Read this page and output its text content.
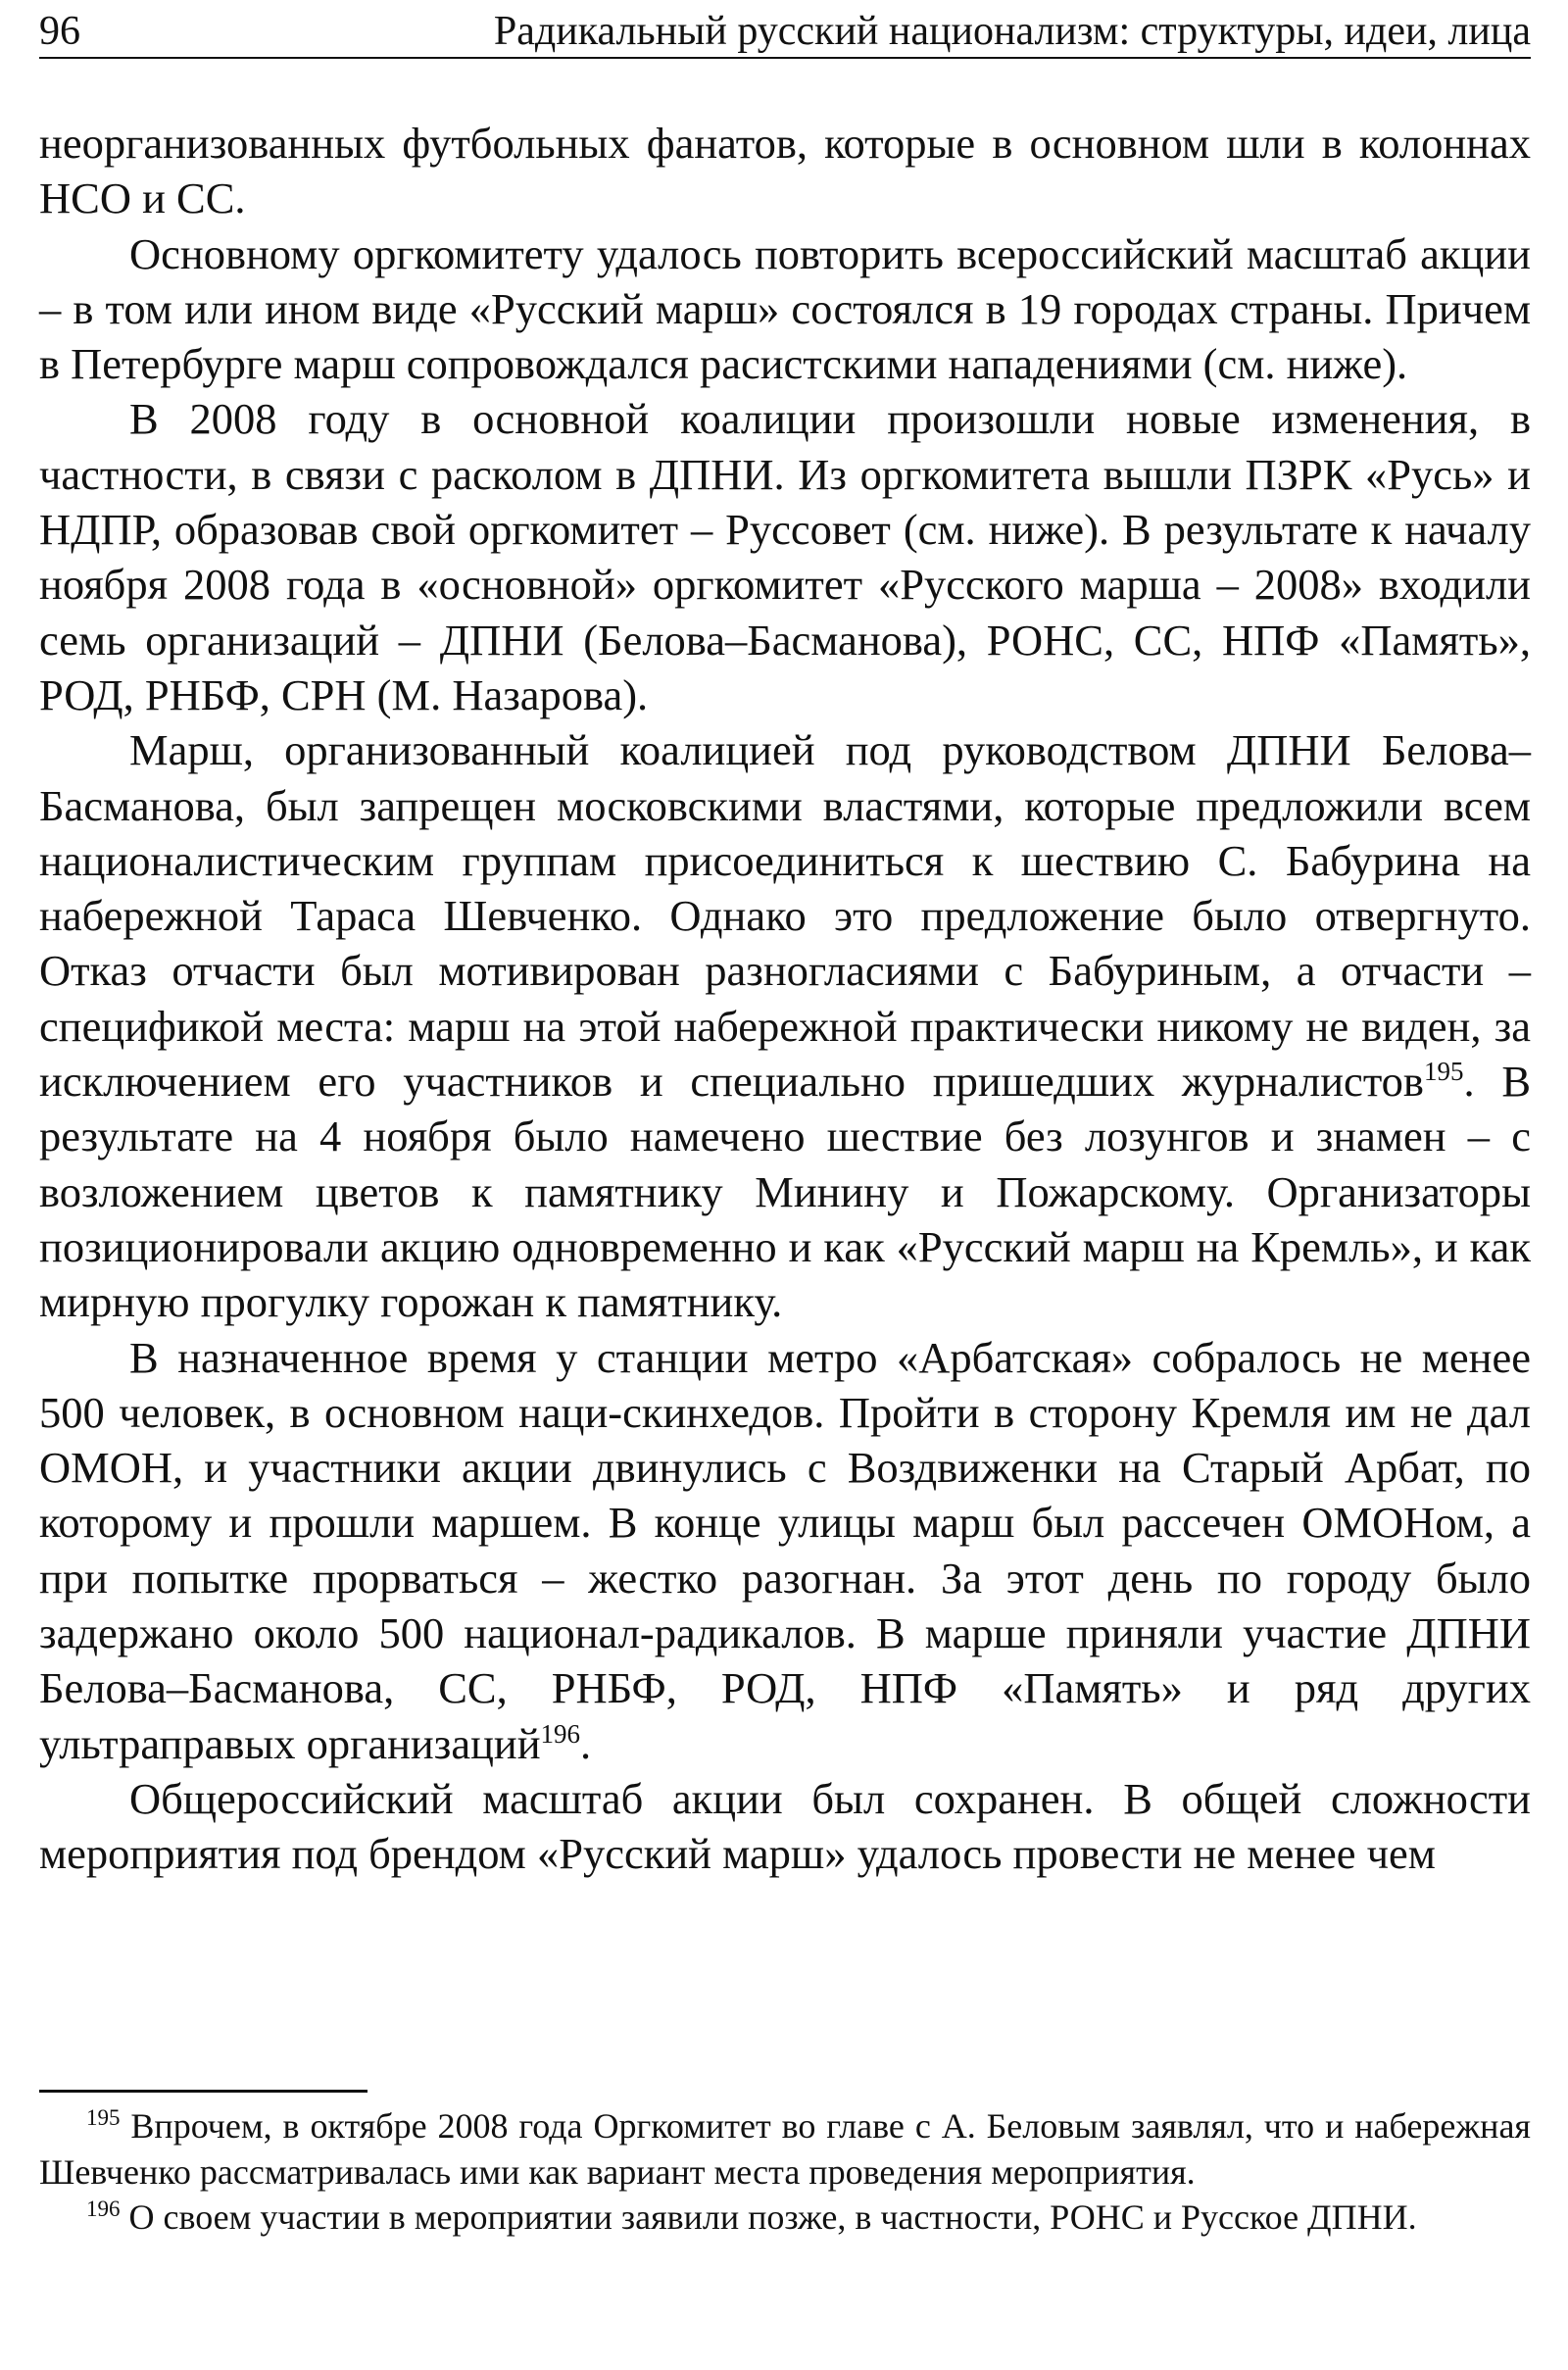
96	Радикальный русский национализм: структуры, идеи, лица

неорганизованных футбольных фанатов, которые в основном шли в колоннах НСО и СС.

Основному оргкомитету удалось повторить всероссийский масштаб акции – в том или ином виде «Русский марш» состоялся в 19 городах страны. Причем в Петербурге марш сопровождался расистскими нападениями (см. ниже).

В 2008 году в основной коалиции произошли новые изменения, в частности, в связи с расколом в ДПНИ. Из оргкомитета вышли ПЗРК «Русь» и НДПР, образовав свой оргкомитет – Руссовет (см. ниже). В результате к началу ноября 2008 года в «основной» оргкомитет «Русского марша – 2008» входили семь организаций – ДПНИ (Белова–Басманова), РОНС, СС, НПФ «Память», РОД, РНБФ, СРН (М. Назарова).

Марш, организованный коалицией под руководством ДПНИ Белова–Басманова, был запрещен московскими властями, которые предложили всем националистическим группам присоединиться к шествию С. Бабурина на набережной Тараса Шевченко. Однако это предложение было отвергнуто. Отказ отчасти был мотивирован разногласиями с Бабуриным, а отчасти – спецификой места: марш на этой набережной практически никому не виден, за исключением его участников и специально пришедших журналистов$^{195}$. В результате на 4 ноября было намечено шествие без лозунгов и знамен – с возложением цветов к памятнику Минину и Пожарскому. Организаторы позиционировали акцию одновременно и как «Русский марш на Кремль», и как мирную прогулку горожан к памятнику.

В назначенное время у станции метро «Арбатская» собралось не менее 500 человек, в основном наци-скинхедов. Пройти в сторону Кремля им не дал ОМОН, и участники акции двинулись с Воздвиженки на Старый Арбат, по которому и прошли маршем. В конце улицы марш был рассечен ОМОНом, а при попытке прорваться – жестко разогнан. За этот день по городу было задержано около 500 национал-радикалов. В марше приняли участие ДПНИ Белова–Басманова, СС, РНБФ, РОД, НПФ «Память» и ряд других ультраправых организаций$^{196}$.

Общероссийский масштаб акции был сохранен. В общей сложности мероприятия под брендом «Русский марш» удалось провести не менее чем

$^{195}$ Впрочем, в октябре 2008 года Оргкомитет во главе с А. Беловым заявлял, что и набережная Шевченко рассматривалась ими как вариант места проведения мероприятия.

$^{196}$ О своем участии в мероприятии заявили позже, в частности, РОНС и Русское ДПНИ.
